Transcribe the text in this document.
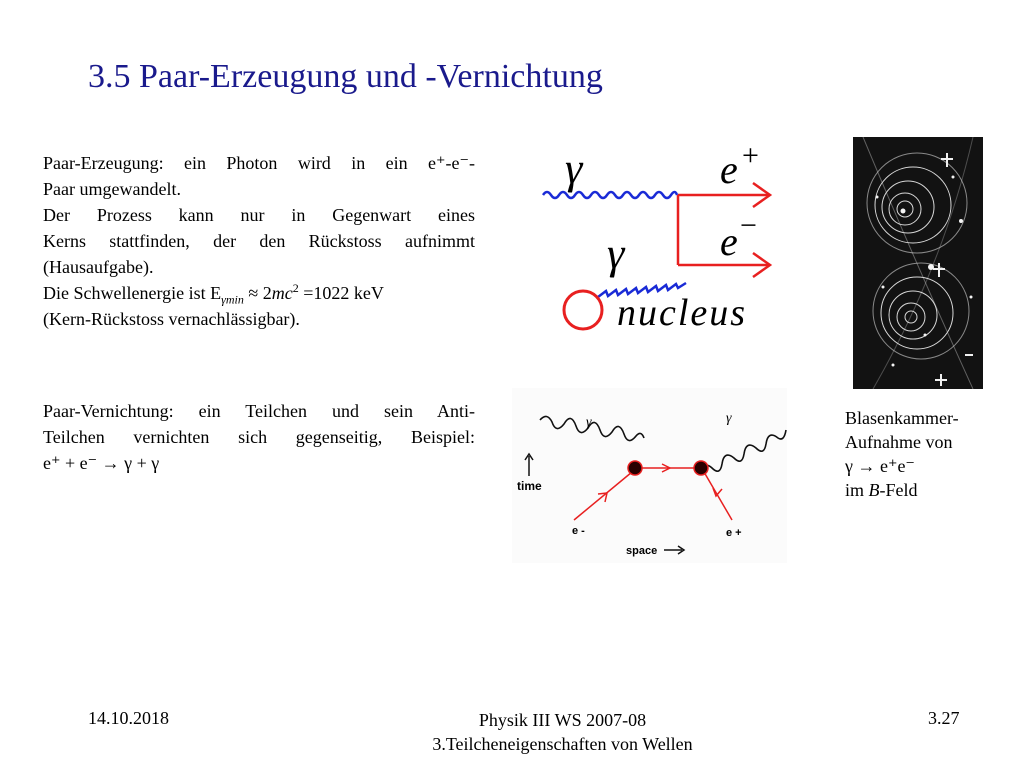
3.5 Paar-Erzeugung und -Vernichtung
Paar-Erzeugung: ein Photon wird in ein e⁺-e⁻-
Paar umgewandelt.
Der Prozess kann nur in Gegenwart eines
Kerns stattfinden, der den Rückstoss aufnimmt
(Hausaufgabe).
Die Schwellenergie ist $E_{\gamma min} \approx 2mc^2 =1022$ keV
(Kern-Rückstoss vernachlässigbar).
Paar-Vernichtung: ein Teilchen und sein Anti-
Teilchen vernichten sich gegenseitig, Beispiel:
e⁺ + e⁻ → γ + γ
γ
γ
e +
e −
nucleus
γ	γ
time
space
e -	e +
Blasenkammer-
Aufnahme von
γ → e⁺e⁻
im B-Feld
14.10.2018	Physik III WS 2007-08
3.Teilcheneigenschaften von Wellen
3.27
